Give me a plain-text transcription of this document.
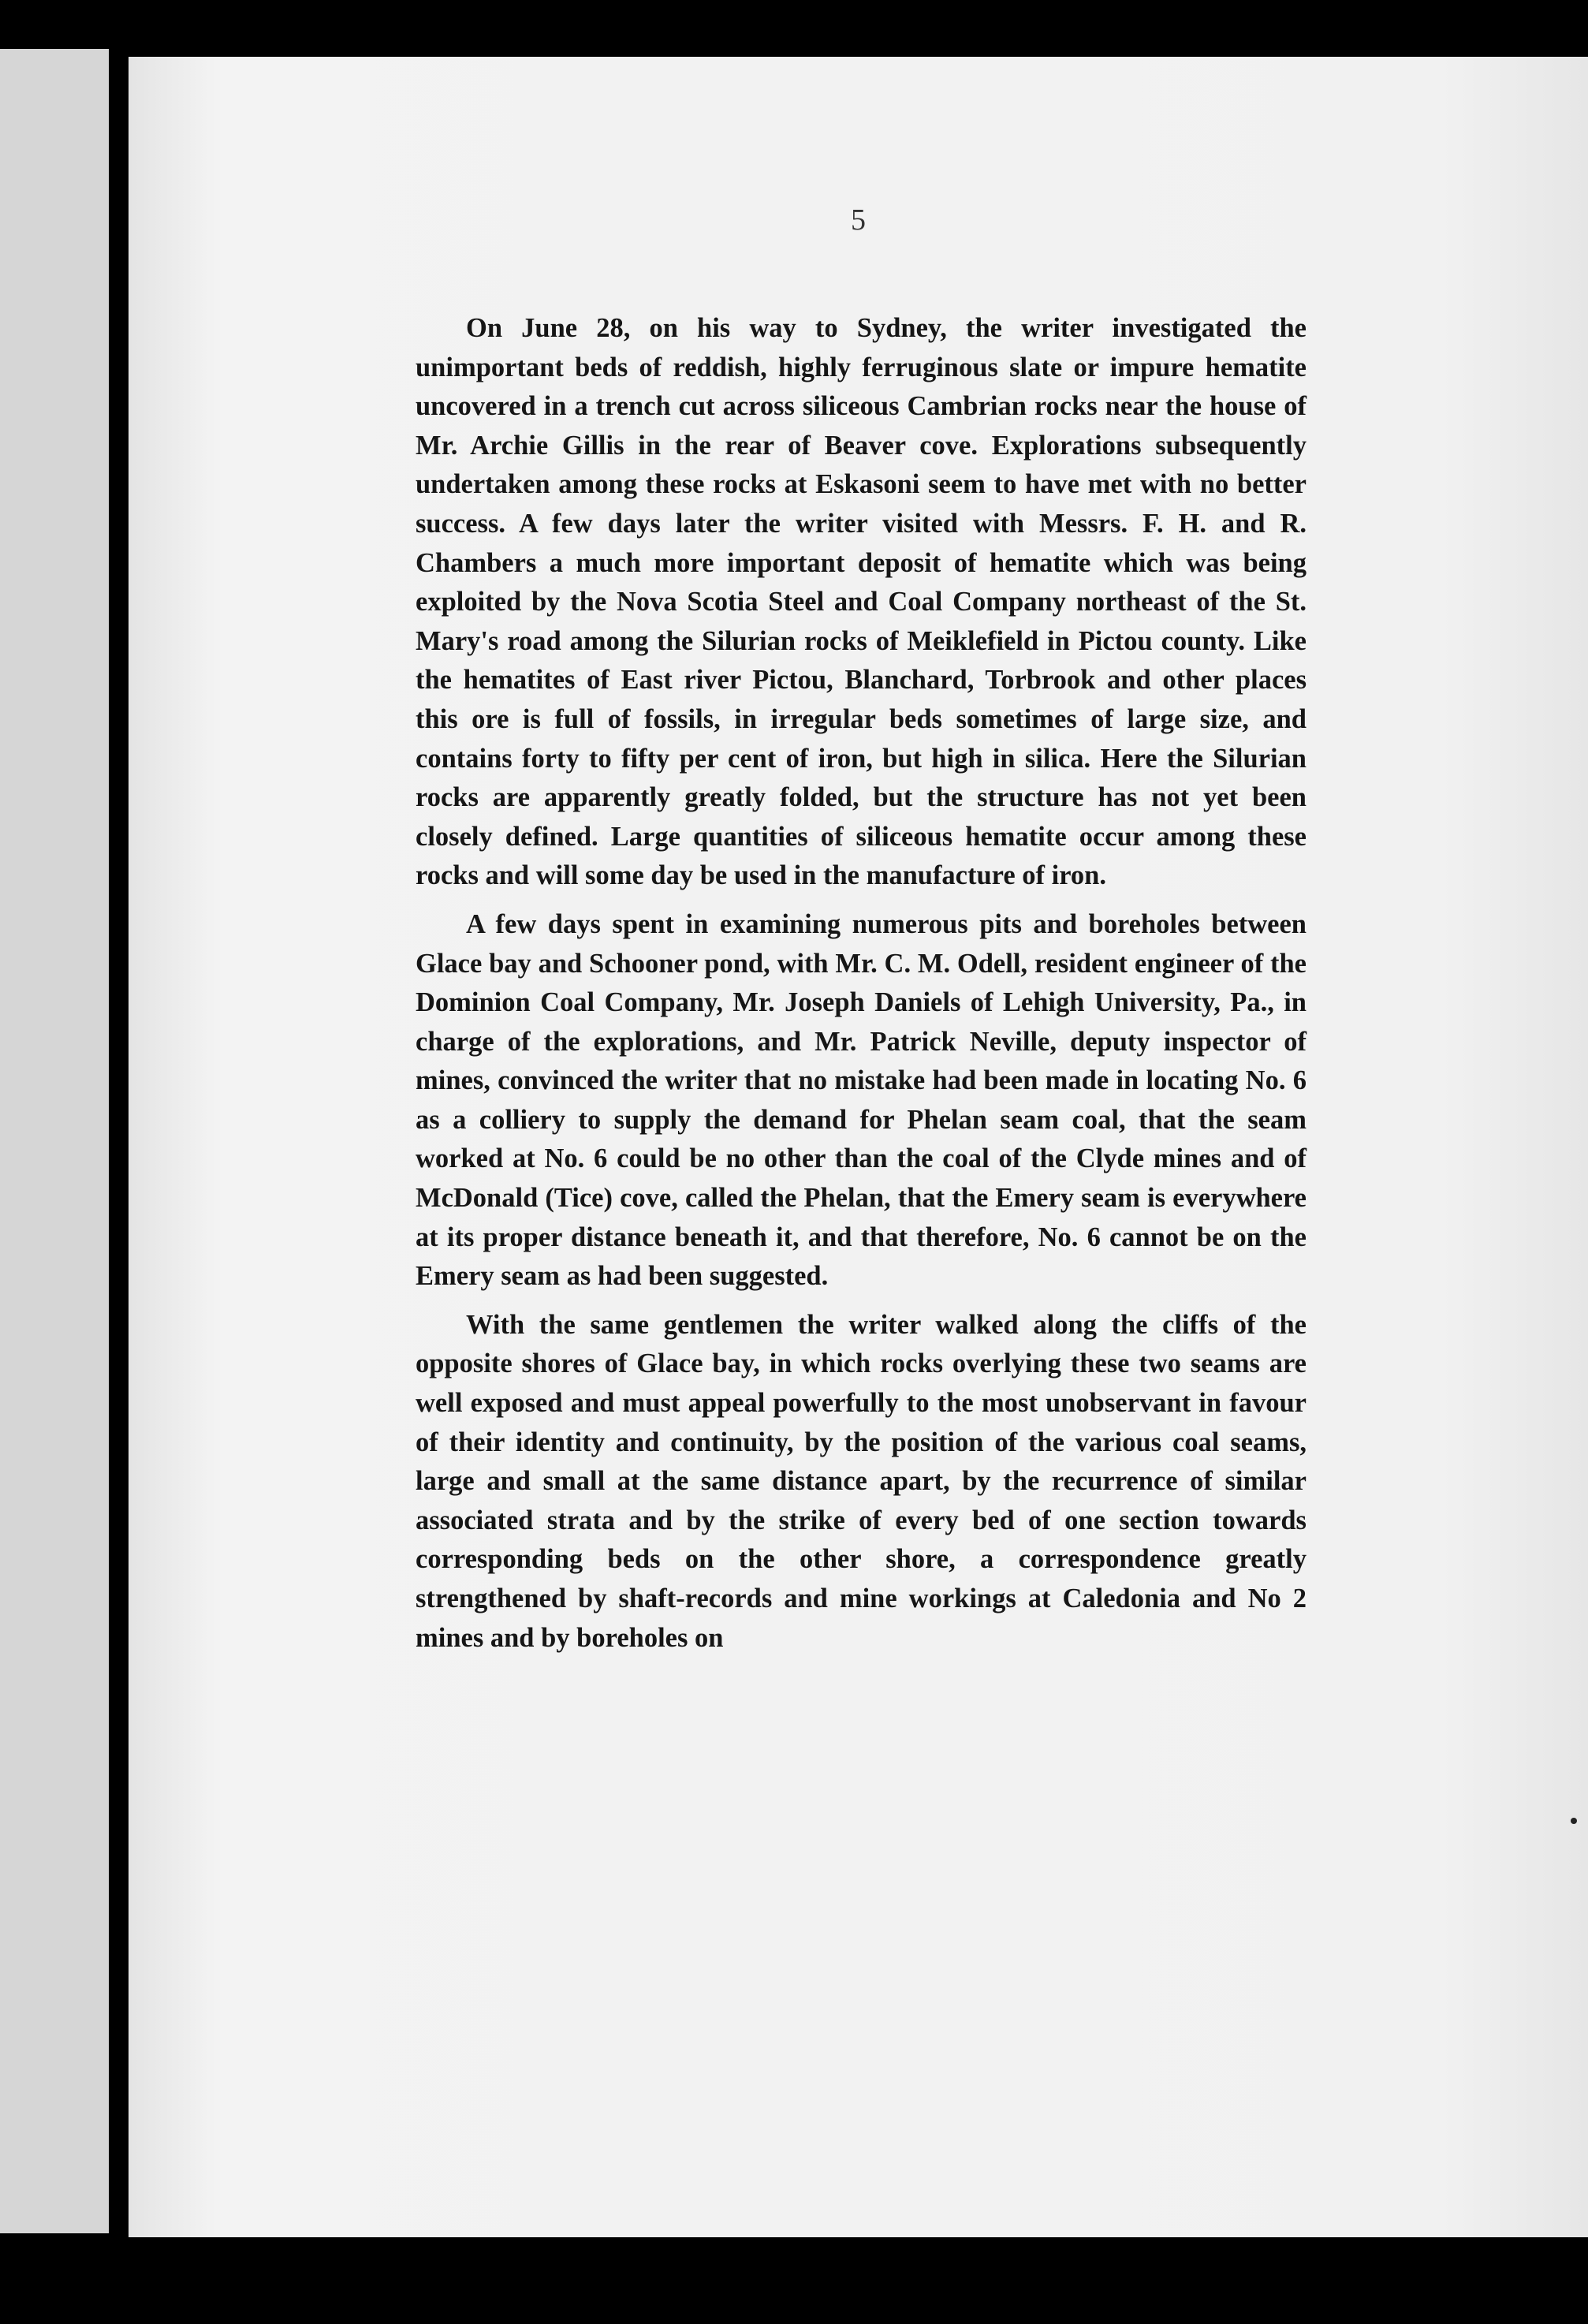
5

On June 28, on his way to Sydney, the writer investigated the unimportant beds of reddish, highly ferruginous slate or impure hematite uncovered in a trench cut across siliceous Cambrian rocks near the house of Mr. Archie Gillis in the rear of Beaver cove. Explorations subsequently undertaken among these rocks at Eskasoni seem to have met with no better success. A few days later the writer visited with Messrs. F. H. and R. Chambers a much more important deposit of hematite which was being exploited by the Nova Scotia Steel and Coal Company northeast of the St. Mary's road among the Silurian rocks of Meiklefield in Pictou county. Like the hematites of East river Pictou, Blanchard, Torbrook and other places this ore is full of fossils, in irregular beds sometimes of large size, and contains forty to fifty per cent of iron, but high in silica. Here the Silurian rocks are apparently greatly folded, but the structure has not yet been closely defined. Large quantities of siliceous hematite occur among these rocks and will some day be used in the manufacture of iron.

A few days spent in examining numerous pits and boreholes between Glace bay and Schooner pond, with Mr. C. M. Odell, resident engineer of the Dominion Coal Company, Mr. Joseph Daniels of Lehigh University, Pa., in charge of the explorations, and Mr. Patrick Neville, deputy inspector of mines, convinced the writer that no mistake had been made in locating No. 6 as a colliery to supply the demand for Phelan seam coal, that the seam worked at No. 6 could be no other than the coal of the Clyde mines and of McDonald (Tice) cove, called the Phelan, that the Emery seam is everywhere at its proper distance beneath it, and that therefore, No. 6 cannot be on the Emery seam as had been suggested.

With the same gentlemen the writer walked along the cliffs of the opposite shores of Glace bay, in which rocks overlying these two seams are well exposed and must appeal powerfully to the most unobservant in favour of their identity and continuity, by the position of the various coal seams, large and small at the same distance apart, by the recurrence of similar associated strata and by the strike of every bed of one section towards corresponding beds on the other shore, a correspondence greatly strengthened by shaft-records and mine workings at Caledonia and No 2 mines and by boreholes on
